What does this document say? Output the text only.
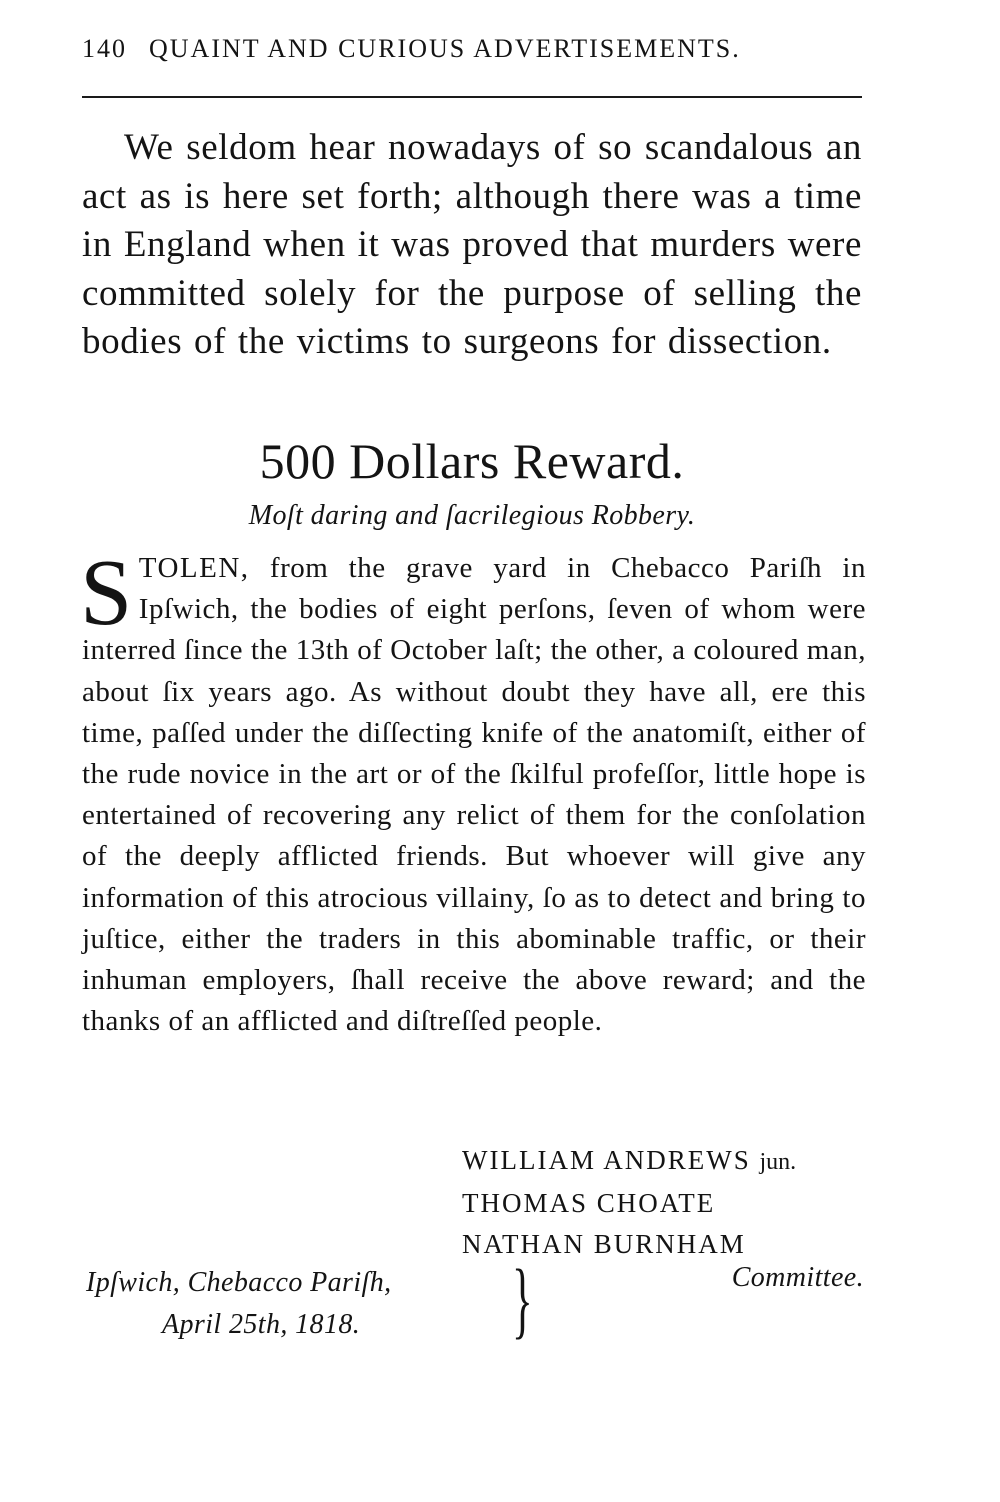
140 QUAINT AND CURIOUS ADVERTISEMENTS.
We seldom hear nowadays of so scandalous an act as is here set forth; although there was a time in England when it was proved that murders were committed solely for the purpose of selling the bodies of the victims to surgeons for dissection.
500 Dollars Reward.
Moſt daring and ſacrilegious Robbery.
STOLEN, from the grave yard in Chebacco Pariſh in Ipſwich, the bodies of eight perſons, ſeven of whom were interred ſince the 13th of October laſt; the other, a coloured man, about ſix years ago. As without doubt they have all, ere this time, paſſed under the diſſecting knife of the anatomiſt, either of the rude novice in the art or of the ſkilful profeſſor, little hope is entertained of recovering any relict of them for the conſolation of the deeply afflicted friends. But whoever will give any information of this atrocious villainy, ſo as to detect and bring to juſtice, either the traders in this abominable traffic, or their inhuman employers, ſhall receive the above reward; and the thanks of an afflicted and diſtreſſed people.
WILLIAM ANDREWS jun.
THOMAS CHOATE
NATHAN BURNHAM
Ipſwich, Chebacco Pariſh,
April 25th, 1818.	}	Committee.
